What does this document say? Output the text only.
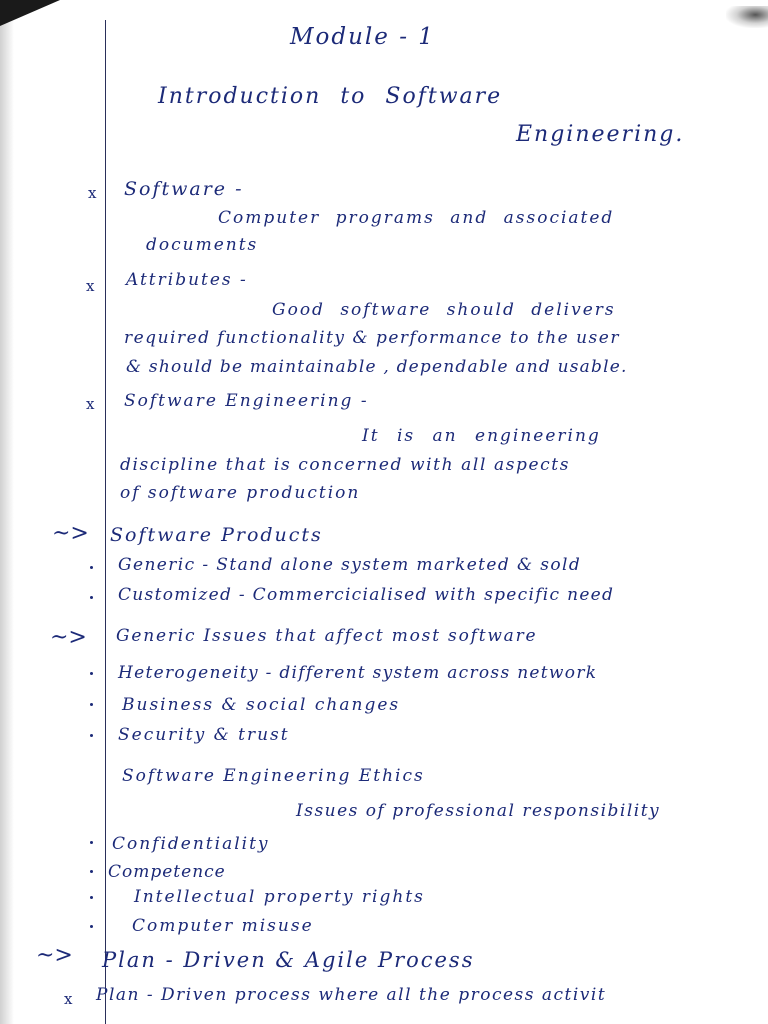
Module - 1
Introduction to Software
Engineering.
x Software -
Computer programs and associated
documents
x Attributes -
Good software should delivers
required functionality & performance to the user
& should be maintainable , dependable and usable.
x Software Engineering -
It is an engineering
discipline that is concerned with all aspects
of software production
~> Software Products
Generic - Stand alone system marketed & sold
Customized - Commercicialised with specific need
~> Generic Issues that affect most software
Heterogeneity - different system across network
Business & social changes
Security & trust
Software Engineering Ethics
Issues of professional responsibility
Confidentiality
Competence
Intellectual property rights
Computer misuse
~> Plan - Driven & Agile Process
x Plan - Driven process where all the process activit
